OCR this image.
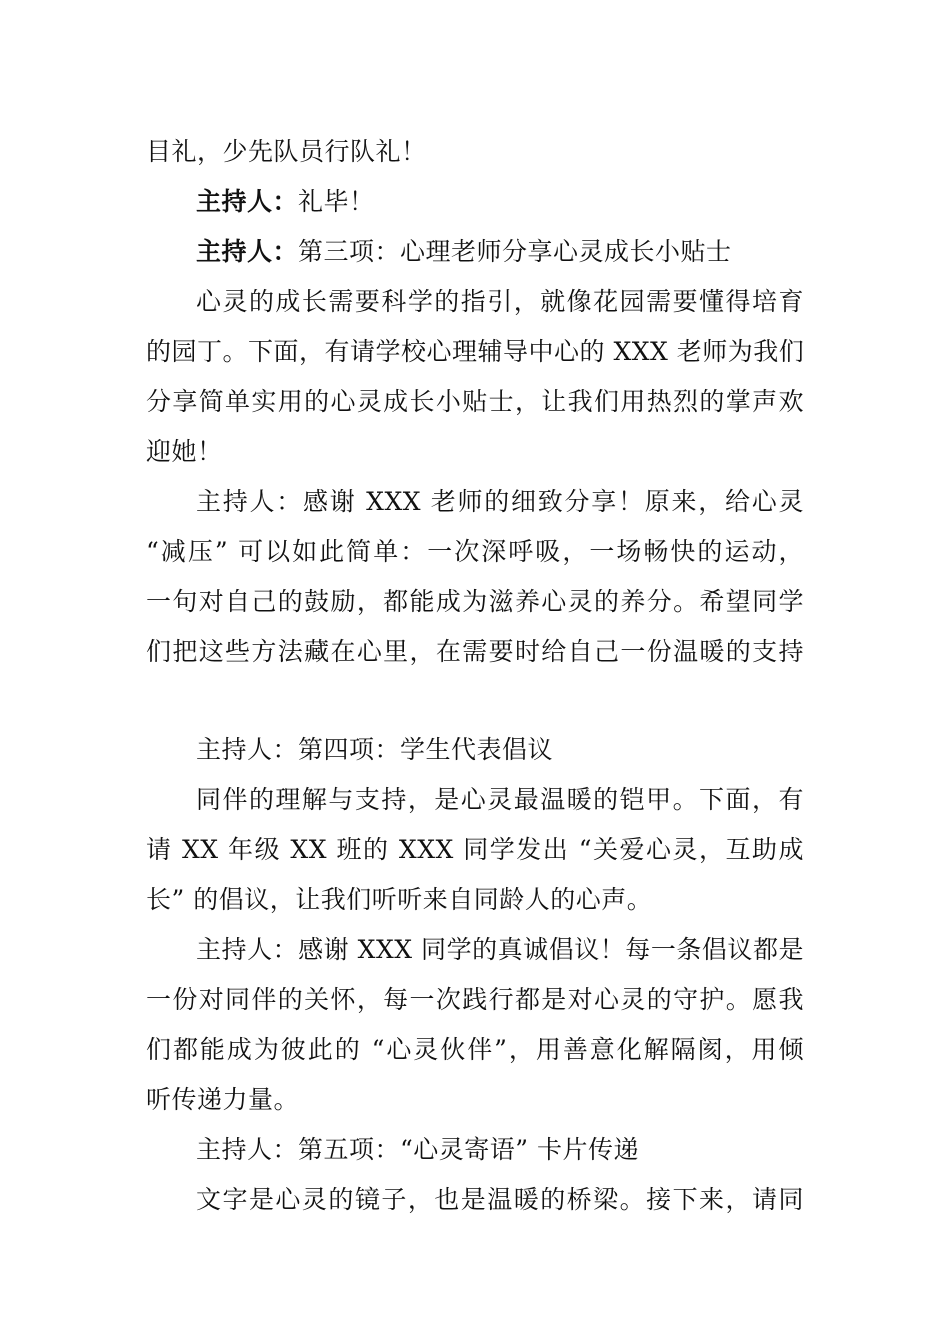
目礼，少先队员行队礼！
主持人：礼毕！
主持人：第三项：心理老师分享心灵成长小贴士
心灵的成长需要科学的指引，就像花园需要懂得培育
的园丁。下面，有请学校心理辅导中心的 XXX 老师为我们
分享简单实用的心灵成长小贴士，让我们用热烈的掌声欢
迎她！
主持人：感谢 XXX 老师的细致分享！原来，给心灵
“减压” 可以如此简单：一次深呼吸，一场畅快的运动，
一句对自己的鼓励，都能成为滋养心灵的养分。希望同学
们把这些方法藏在心里，在需要时给自己一份温暖的支持
主持人：第四项：学生代表倡议
同伴的理解与支持，是心灵最温暖的铠甲。下面，有
请 XX 年级 XX 班的 XXX 同学发出 “关爱心灵，互助成
长” 的倡议，让我们听听来自同龄人的心声。
主持人：感谢 XXX 同学的真诚倡议！每一条倡议都是
一份对同伴的关怀，每一次践行都是对心灵的守护。愿我
们都能成为彼此的 “心灵伙伴”，用善意化解隔阂，用倾
听传递力量。
主持人：第五项：“心灵寄语” 卡片传递
文字是心灵的镜子，也是温暖的桥梁。接下来，请同
